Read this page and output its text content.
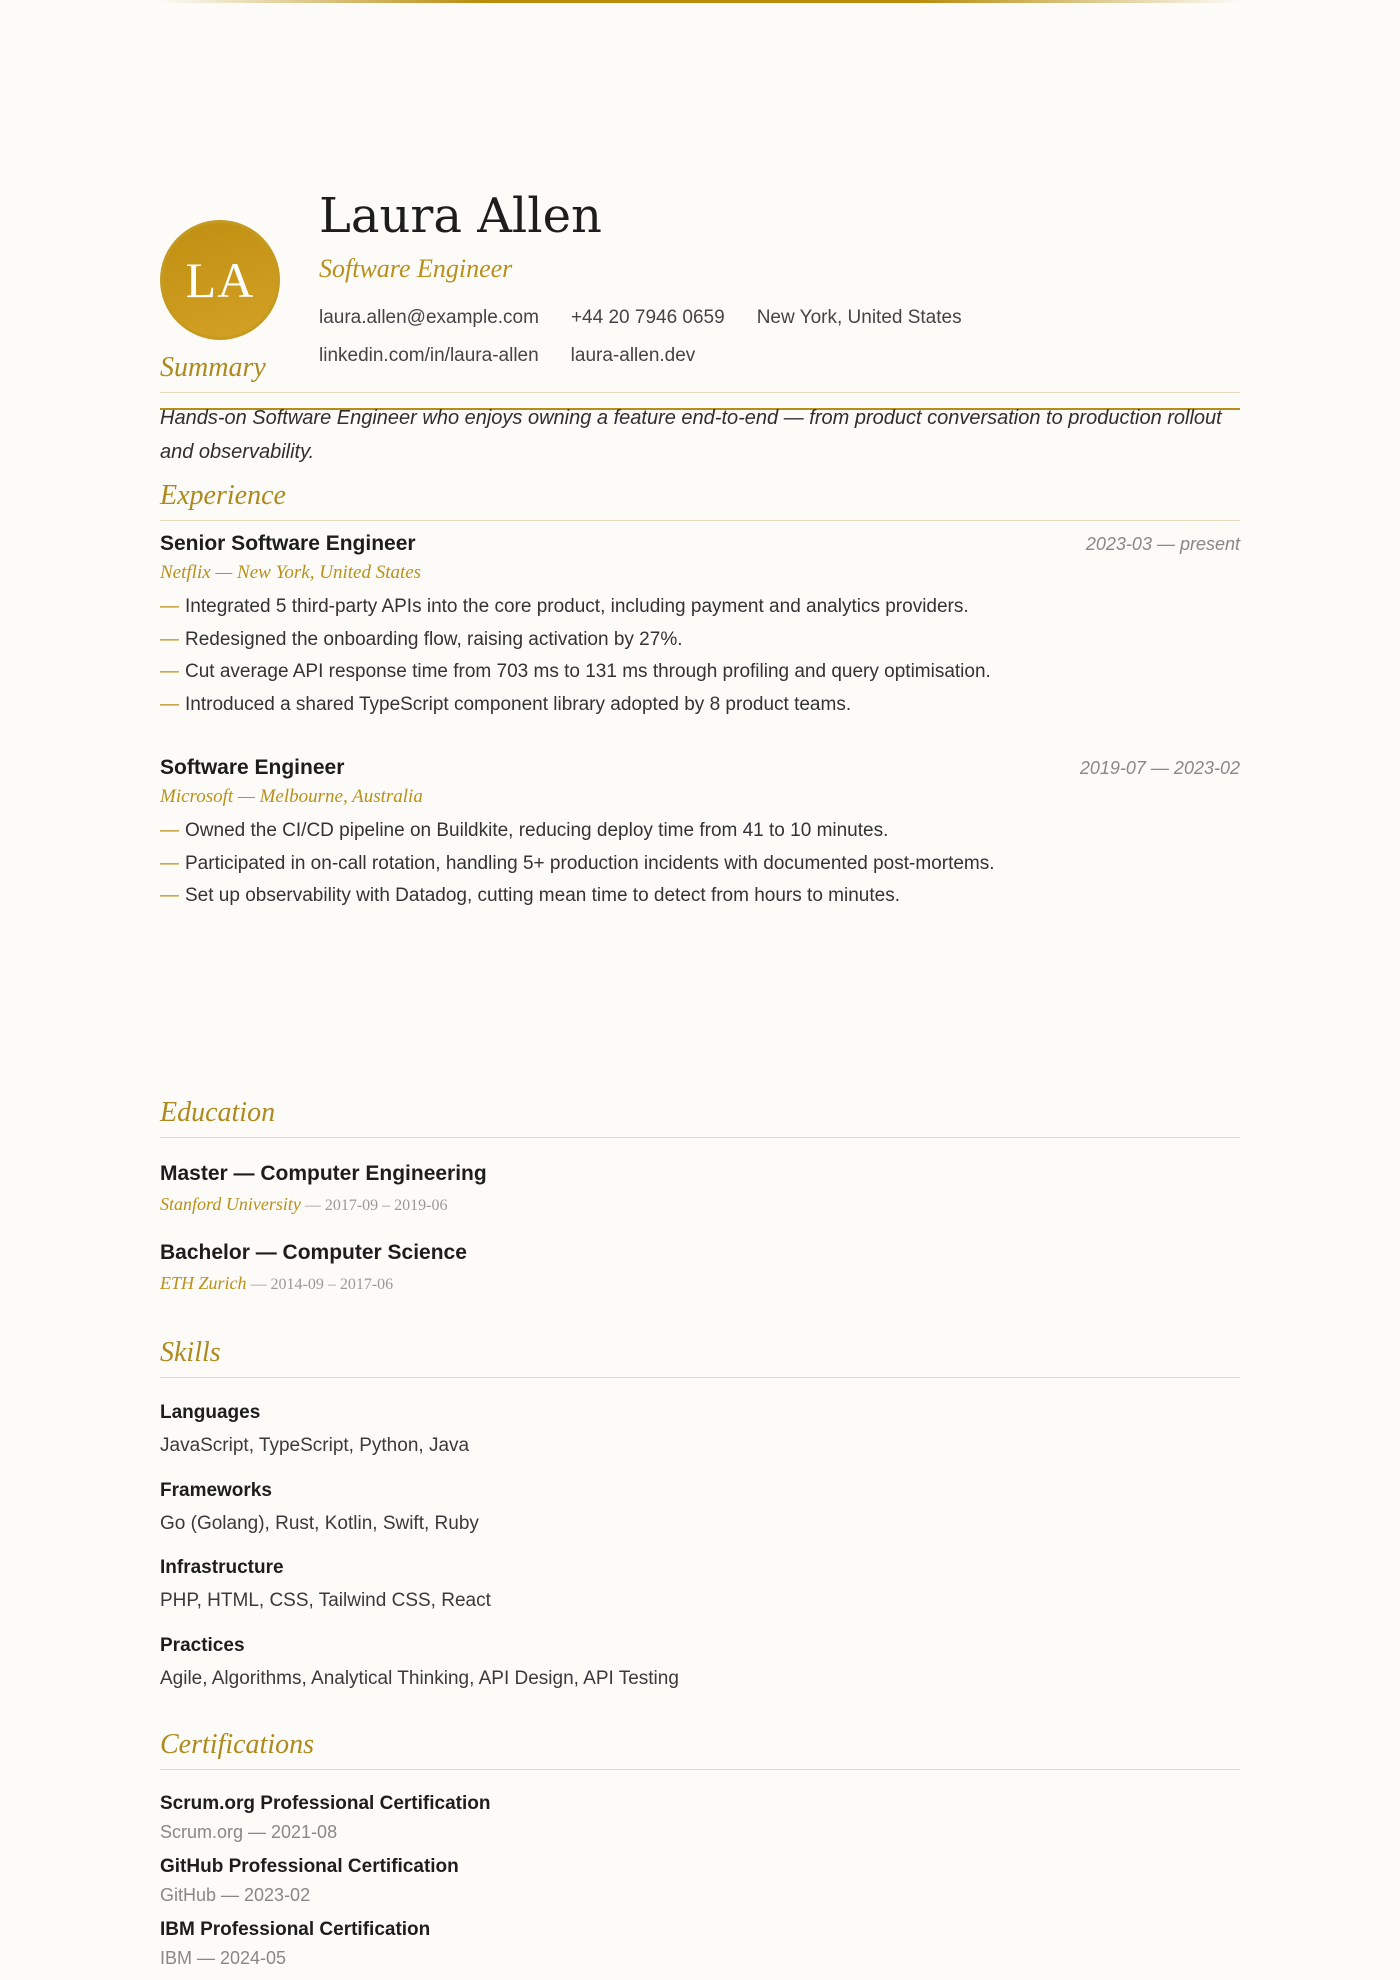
LA
Laura Allen
Software Engineer
laura.allen@example.com +44 20 7946 0659 New York, United States
linkedin.com/in/laura-allen laura-allen.dev
Summary
Hands-on Software Engineer who enjoys owning a feature end-to-end — from product conversation to production rollout and observability.
Experience
Senior Software Engineer	2023-03 — present
Netflix — New York, United States
— Integrated 5 third-party APIs into the core product, including payment and analytics providers.
— Redesigned the onboarding flow, raising activation by 27%.
— Cut average API response time from 703 ms to 131 ms through profiling and query optimisation.
— Introduced a shared TypeScript component library adopted by 8 product teams.
Software Engineer	2019-07 — 2023-02
Microsoft — Melbourne, Australia
— Owned the CI/CD pipeline on Buildkite, reducing deploy time from 41 to 10 minutes.
— Participated in on-call rotation, handling 5+ production incidents with documented post-mortems.
— Set up observability with Datadog, cutting mean time to detect from hours to minutes.
Education
Master — Computer Engineering
Stanford University — 2017-09 – 2019-06
Bachelor — Computer Science
ETH Zurich — 2014-09 – 2017-06
Skills
Languages
JavaScript, TypeScript, Python, Java
Frameworks
Go (Golang), Rust, Kotlin, Swift, Ruby
Infrastructure
PHP, HTML, CSS, Tailwind CSS, React
Practices
Agile, Algorithms, Analytical Thinking, API Design, API Testing
Certifications
Scrum.org Professional Certification
Scrum.org — 2021-08
GitHub Professional Certification
GitHub — 2023-02
IBM Professional Certification
IBM — 2024-05
